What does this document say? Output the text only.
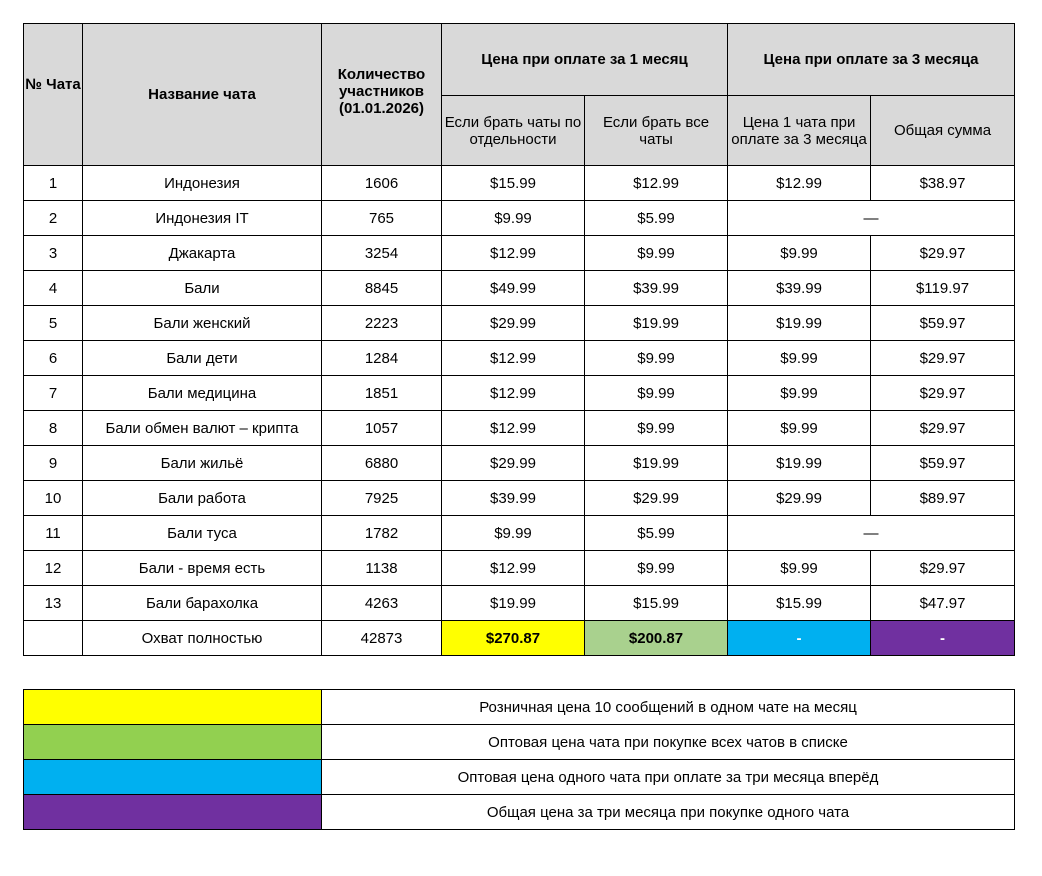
№ Чата	Название чата	Количество участников (01.01.2026)	Цена при оплате за 1 месяц		Цена при оплате за 3 месяца	
			Если брать чаты по отдельности	Если брать все чаты	Цена 1 чата при оплате за 3 месяца	Общая сумма
1	Индонезия	1606	$15.99	$12.99	$12.99	$38.97
2	Индонезия IT	765	$9.99	$5.99	—	
3	Джакарта	3254	$12.99	$9.99	$9.99	$29.97
4	Бали	8845	$49.99	$39.99	$39.99	$119.97
5	Бали женский	2223	$29.99	$19.99	$19.99	$59.97
6	Бали дети	1284	$12.99	$9.99	$9.99	$29.97
7	Бали медицина	1851	$12.99	$9.99	$9.99	$29.97
8	Бали обмен валют – крипта	1057	$12.99	$9.99	$9.99	$29.97
9	Бали жильё	6880	$29.99	$19.99	$19.99	$59.97
10	Бали работа	7925	$39.99	$29.99	$29.99	$89.97
11	Бали туса	1782	$9.99	$5.99	—	
12	Бали - время есть	1138	$12.99	$9.99	$9.99	$29.97
13	Бали барахолка	4263	$19.99	$15.99	$15.99	$47.97
	Охват полностью	42873	$270.87	$200.87	-	-
	Розничная цена 10 сообщений в одном чате на месяц
	Оптовая цена чата при покупке всех чатов в списке
	Оптовая цена одного чата при оплате за три месяца вперёд
	Общая цена за три месяца при покупке одного чата
